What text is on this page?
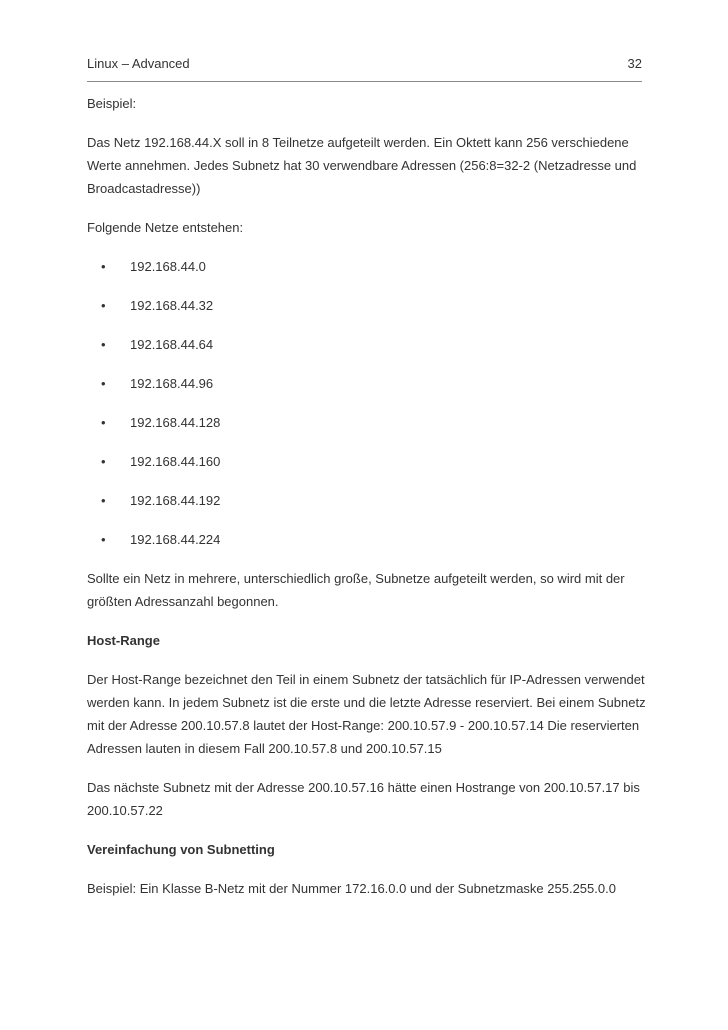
Linux – Advanced	32

Beispiel:

Das Netz 192.168.44.X soll in 8 Teilnetze aufgeteilt werden. Ein Oktett kann 256 verschiedene Werte annehmen. Jedes Subnetz hat 30 verwendbare Adressen (256:8=32-2 (Netzadresse und Broadcastadresse))

Folgende Netze entstehen:

•	192.168.44.0
•	192.168.44.32
•	192.168.44.64
•	192.168.44.96
•	192.168.44.128
•	192.168.44.160
•	192.168.44.192
•	192.168.44.224

Sollte ein Netz in mehrere, unterschiedlich große, Subnetze aufgeteilt werden, so wird mit der größten Adressanzahl begonnen.

Host-Range

Der Host-Range bezeichnet den Teil in einem Subnetz der tatsächlich für IP-Adressen verwendet werden kann. In jedem Subnetz ist die erste und die letzte Adresse reserviert. Bei einem Subnetz mit der Adresse 200.10.57.8 lautet der Host-Range: 200.10.57.9 - 200.10.57.14 Die reservierten Adressen lauten in diesem Fall 200.10.57.8 und 200.10.57.15

Das nächste Subnetz mit der Adresse 200.10.57.16 hätte einen Hostrange von 200.10.57.17 bis 200.10.57.22

Vereinfachung von Subnetting

Beispiel: Ein Klasse B-Netz mit der Nummer 172.16.0.0 und der Subnetzmaske 255.255.0.0
